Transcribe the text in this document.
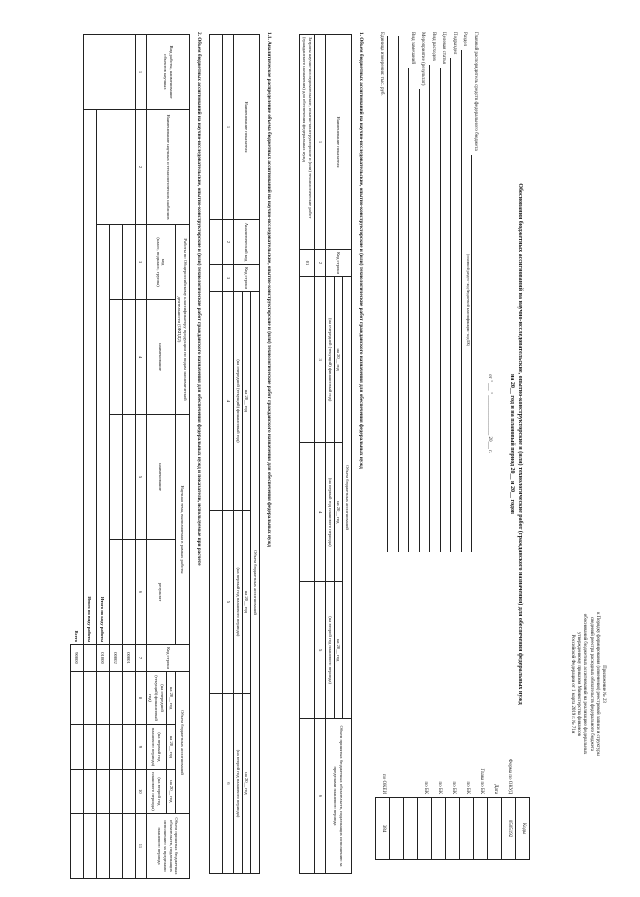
Приложение № 23
к Порядку формирования (изменения) реестровой записи и структуры
сведений реестра расходных обязательств федерального бюджета
обоснований бюджетных ассигнований на реализацию федеральных
утвержденному приказом Министерства финансов
Российской Федерации от 1 марта 2019 г. № 71н
Обоснования бюджетных ассигнований на научно-исследовательские, опытно-конструкторские и (или) технологические работ (гражданского назначения) для обеспечения федеральных нужд
на 20__ год и на плановый период 20__ и 20__ годов
от " ___ " ________________ 20___ г.
	Коды
Форма по ОКУД	0505192
Дата	
Глава по БК	
по БК	
по БК	
по БК	
по БК	

по ОКЕИ	384
Главный распорядитель средств федерального бюджета
Раздел
Подраздел
Целевая статья
Вид расходов
Мероприятие (результат)
Вид замечаний
(основной раздел - код бюджетной классификации - код БК)
Единица измерения: тыс. руб.
1. Объем бюджетных ассигнований на научно-исследовательские, опытно-конструкторские и (или) технологические работ гражданского назначения для обеспечения федеральных нужд
Наименование показателя	Код строки	Объем бюджетных ассигнований			Объем принятых бюджетных обязательств, подлежащих исполнению за пределами планового периода
		на 20__ год	на 20__ год	на 20__ год	
		(на очередной (текущий) финансовый год)	(на первый год планового периода)	(на второй год планового периода)	
1	2	3	4	5	6
Затраты научно-исследовательские, опытно-конструкторские и (или) технологические работ (гражданского назначения) для обеспечения федеральных нужд	01				
1.1. Аналитическое распределение объема бюджетных ассигнований на научно-исследовательские, опытно-конструкторские и (или) технологические работ гражданского назначения для обеспечения федеральных нужд
Наименование показателя	Аналитический код	Код строки	Объем бюджетных ассигнований		
			на 20__ год	на 20__ год	на 20__ год
			(на очередной (текущий) финансовый год)	(на первый год планового периода)	(на второй год планового периода)
1	2	3	4	5	6

2. Объем бюджетных ассигнований на научно-исследовательские, опытно-конструкторские и (или) технологические работ гражданского назначения для обеспечения федеральных нужд и показатели, используемые при расчете
Вид работы, наименование объектов научных	Наименование научных и технологических шаблонов	Работы по Общероссийскому классификатору продукции по видам экономической деятельности (ОКПД2)		Научная тема, выполняемая в рамках работы		Код строки	Объем бюджетных ассигнований			Объем принятых бюджетных обязательств, подлежащих исполнению за пределами планового периода

		код
(класс, подкласс, группа)	наименование	наименование	результат		на 20__ год	на 20__ год	на 20__ год	
							(на очередной (текущий) финансовый год)	(на первый год планового периода)	(на второй год планового периода)	
1	2	3	4	5	6	7	8	9	10	11
						00001				
						00002				
		Итого по коду работы				01000				
	Итого по виду работы									
Всего						90000				
